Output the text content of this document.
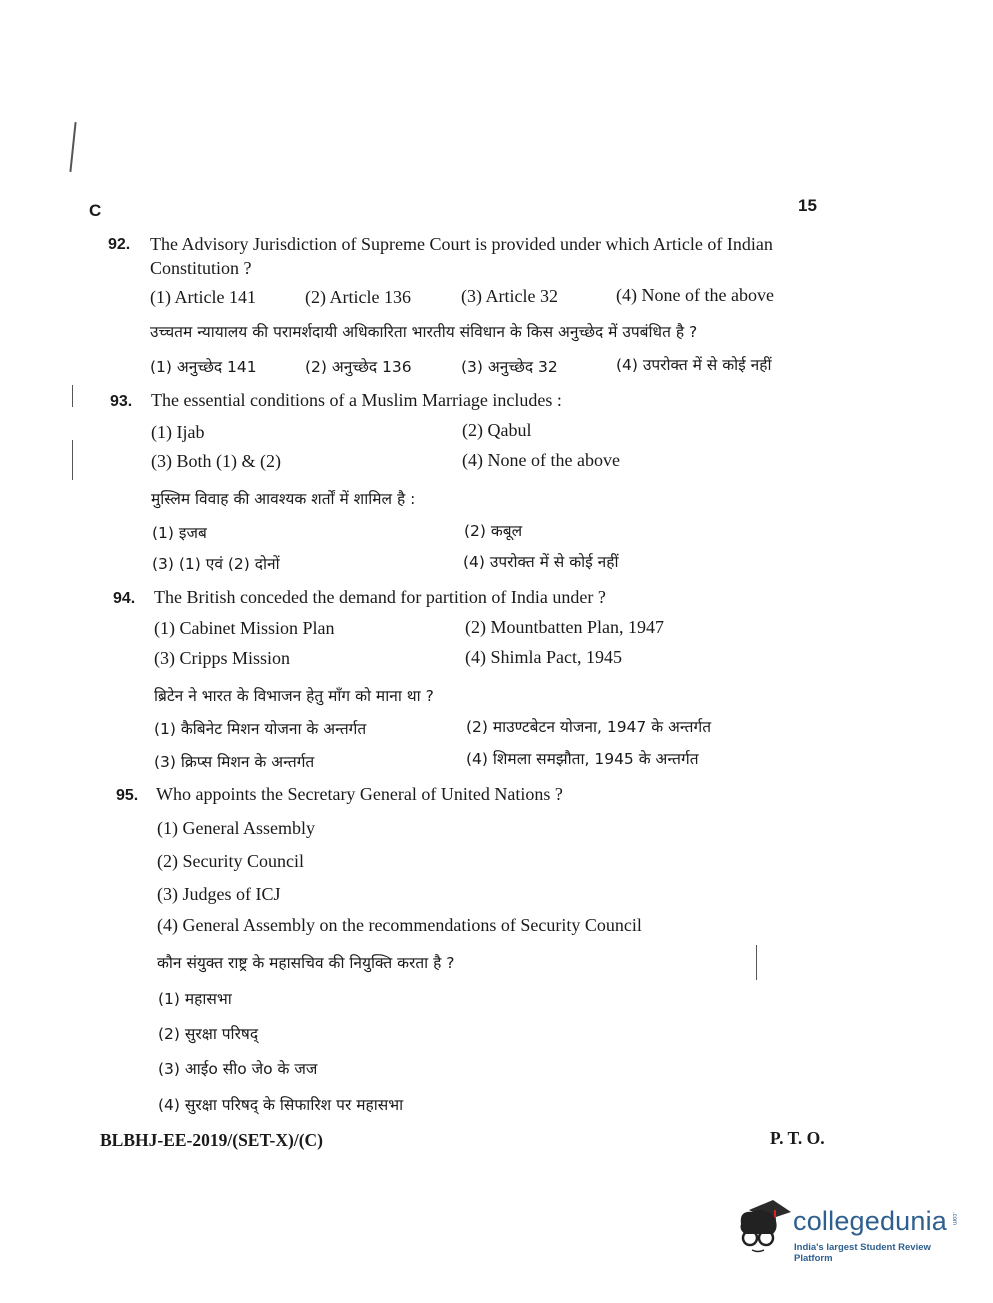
C	15
92. The Advisory Jurisdiction of Supreme Court is provided under which Article of Indian
Constitution ?
(1) Article 141	(2) Article 136	(3) Article 32	(4) None of the above
उच्चतम न्यायालय की परामर्शदायी अधिकारिता भारतीय संविधान के किस अनुच्छेद में उपबंधित है ?
(1) अनुच्छेद 141	(2) अनुच्छेद 136	(3) अनुच्छेद 32	(4) उपरोक्त में से कोई नहीं
93. The essential conditions of a Muslim Marriage includes :
(1) Ijab	(2) Qabul
(3) Both (1) & (2)	(4) None of the above
मुस्लिम विवाह की आवश्यक शर्तों में शामिल है :
(1) इजब	(2) कबूल
(3) (1) एवं (2) दोनों	(4) उपरोक्त में से कोई नहीं
94. The British conceded the demand for partition of India under ?
(1) Cabinet Mission Plan	(2) Mountbatten Plan, 1947
(3) Cripps Mission	(4) Shimla Pact, 1945
ब्रिटेन ने भारत के विभाजन हेतु माँग को माना था ?
(1) कैबिनेट मिशन योजना के अन्तर्गत	(2) माउण्टबेटन योजना, 1947 के अन्तर्गत
(3) क्रिप्स मिशन के अन्तर्गत	(4) शिमला समझौता, 1945 के अन्तर्गत
95. Who appoints the Secretary General of United Nations ?
(1) General Assembly
(2) Security Council
(3) Judges of ICJ
(4) General Assembly on the recommendations of Security Council
कौन संयुक्त राष्ट्र के महासचिव की नियुक्ति करता है ?
(1) महासभा
(2) सुरक्षा परिषद्
(3) आईo सीo जेo के जज
(4) सुरक्षा परिषद् के सिफारिश पर महासभा
BLBHJ-EE-2019/(SET-X)/(C)	P. T. O.
collegedunia .com
India's largest Student Review Platform
